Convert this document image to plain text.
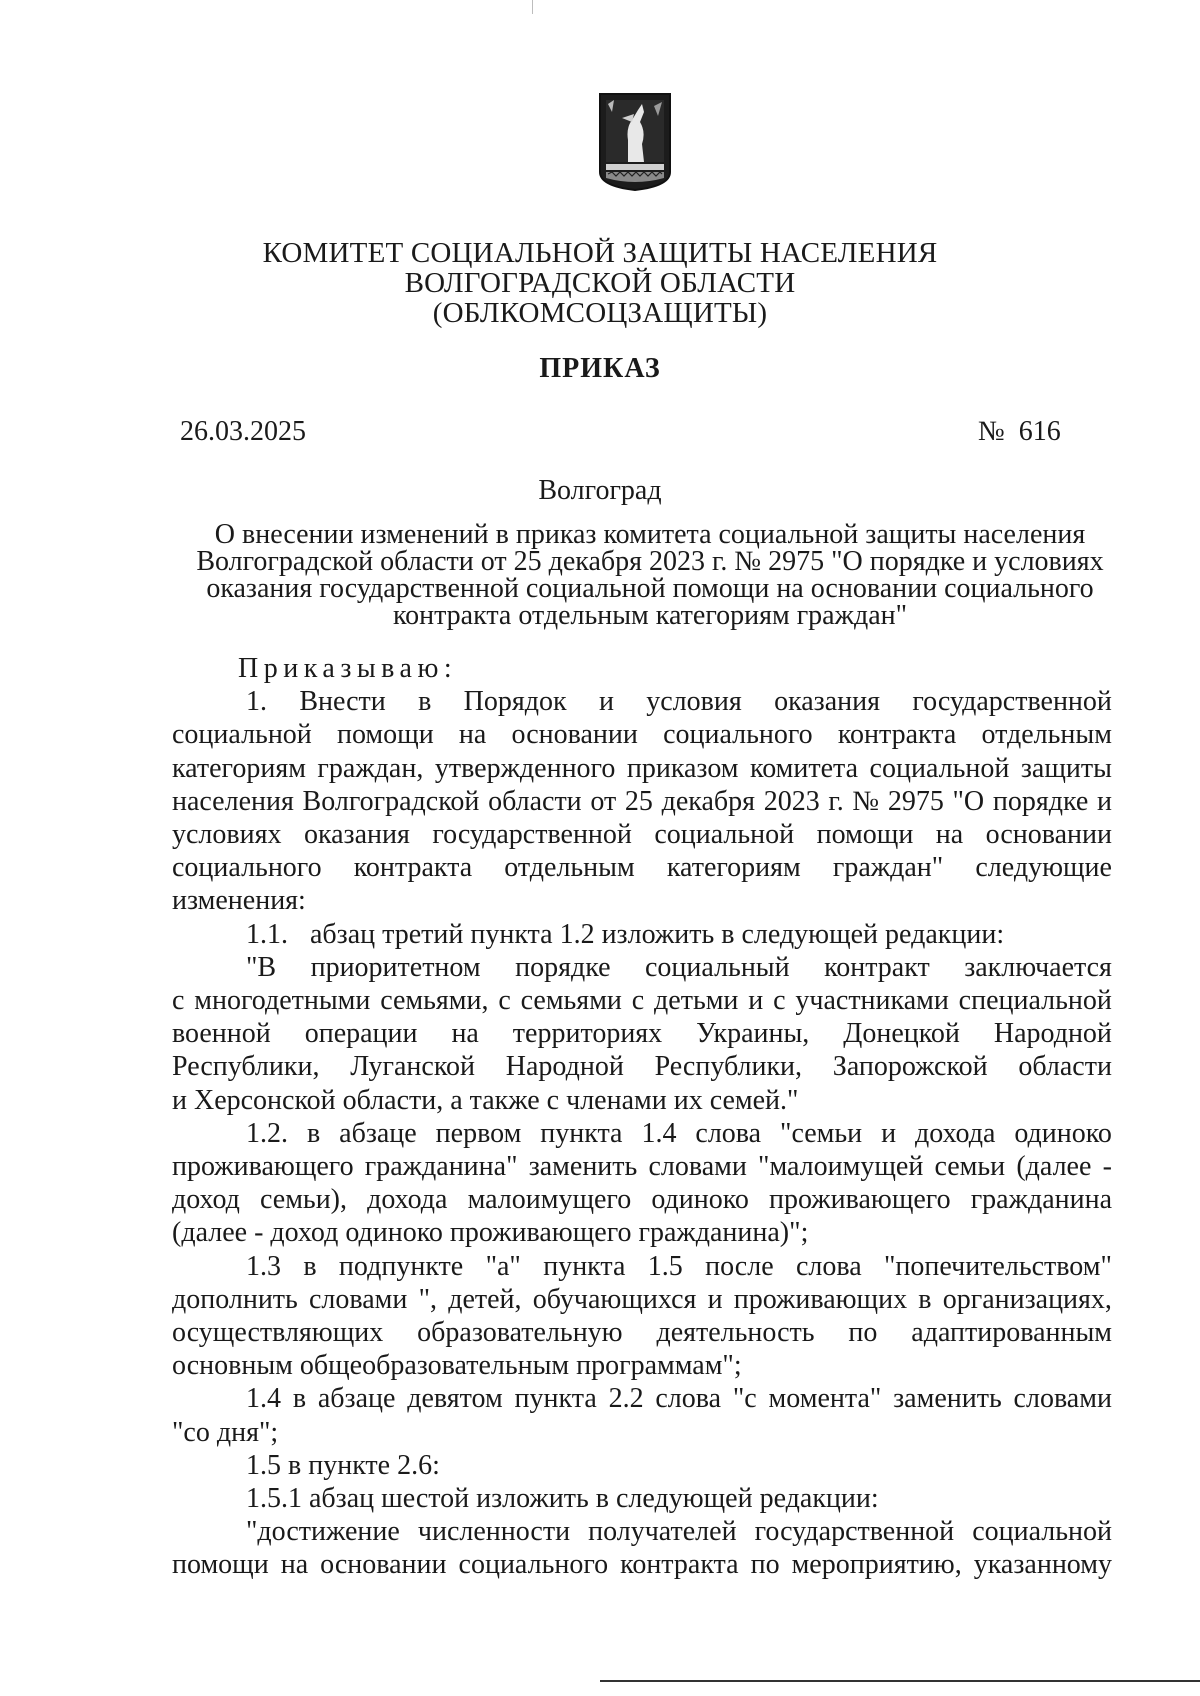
КОМИТЕТ СОЦИАЛЬНОЙ ЗАЩИТЫ НАСЕЛЕНИЯ
ВОЛГОГРАДСКОЙ ОБЛАСТИ
(ОБЛКОМСОЦЗАЩИТЫ)
ПРИКАЗ
26.03.2025	№ 616
Волгоград
О внесении изменений в приказ комитета социальной защиты населения
Волгоградской области от 25 декабря 2023 г. № 2975 "О порядке и условиях
оказания государственной социальной помощи на основании социального
контракта отдельным категориям граждан"
Приказываю:
1. Внести в Порядок и условия оказания государственной
социальной помощи на основании социального контракта отдельным
категориям граждан, утвержденного приказом комитета социальной защиты
населения Волгоградской области от 25 декабря 2023 г. № 2975 "О порядке и
условиях оказания государственной социальной помощи на основании
социального контракта отдельным категориям граждан" следующие
изменения:
1.1. абзац третий пункта 1.2 изложить в следующей редакции:
"В приоритетном порядке социальный контракт заключается
с многодетными семьями, с семьями с детьми и с участниками специальной
военной операции на территориях Украины, Донецкой Народной
Республики, Луганской Народной Республики, Запорожской области
и Херсонской области, а также с членами их семей."
1.2. в абзаце первом пункта 1.4 слова "семьи и дохода одиноко
проживающего гражданина" заменить словами "малоимущей семьи (далее -
доход семьи), дохода малоимущего одиноко проживающего гражданина
(далее - доход одиноко проживающего гражданина)";
1.3 в подпункте "а" пункта 1.5 после слова "попечительством"
дополнить словами ", детей, обучающихся и проживающих в организациях,
осуществляющих образовательную деятельность по адаптированным
основным общеобразовательным программам";
1.4 в абзаце девятом пункта 2.2 слова "с момента" заменить словами
"со дня";
1.5 в пункте 2.6:
1.5.1 абзац шестой изложить в следующей редакции:
"достижение численности получателей государственной социальной
помощи на основании социального контракта по мероприятию, указанному
